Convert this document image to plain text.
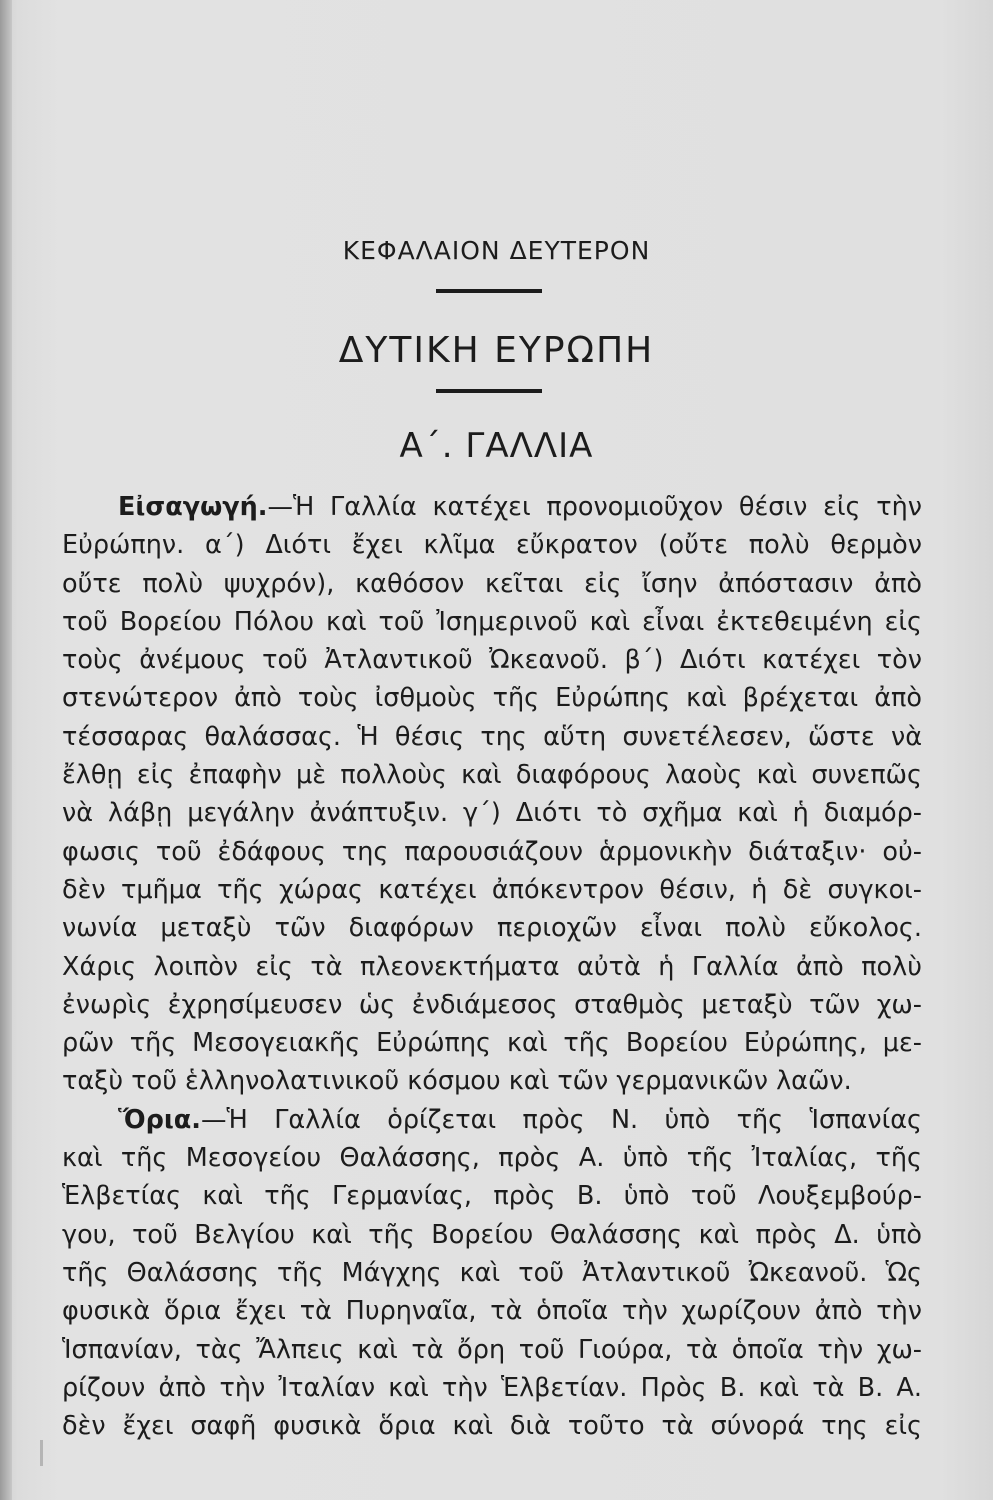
ΚΕΦΑΛΑΙΟΝ ΔΕΥΤΕΡΟΝ
ΔΥΤΙΚΗ ΕΥΡΩΠΗ
Α΄. ΓΑΛΛΙΑ
Εἰσαγωγή.—Ἡ Γαλλία κατέχει προνομιοῦχον θέσιν εἰς τὴν
Εὐρώπην. α΄) Διότι ἔχει κλῖμα εὔκρατον (οὔτε πολὺ θερμὸν
οὔτε πολὺ ψυχρόν), καθόσον κεῖται εἰς ἴσην ἀπόστασιν ἀπὸ
τοῦ Βορείου Πόλου καὶ τοῦ Ἰσημερινοῦ καὶ εἶναι ἐκτεθειμένη εἰς
τοὺς ἀνέμους τοῦ Ἀτλαντικοῦ Ὠκεανοῦ. β΄) Διότι κατέχει τὸν
στενώτερον ἀπὸ τοὺς ἰσθμοὺς τῆς Εὐρώπης καὶ βρέχεται ἀπὸ
τέσσαρας θαλάσσας. Ἡ θέσις της αὕτη συνετέλεσεν, ὥστε νὰ
ἔλθῃ εἰς ἐπαφὴν μὲ πολλοὺς καὶ διαφόρους λαοὺς καὶ συνεπῶς
νὰ λάβῃ μεγάλην ἀνάπτυξιν. γ΄) Διότι τὸ σχῆμα καὶ ἡ διαμόρ-
φωσις τοῦ ἐδάφους της παρουσιάζουν ἁρμονικὴν διάταξιν· οὐ-
δὲν τμῆμα τῆς χώρας κατέχει ἀπόκεντρον θέσιν, ἡ δὲ συγκοι-
νωνία μεταξὺ τῶν διαφόρων περιοχῶν εἶναι πολὺ εὔκολος.
Χάρις λοιπὸν εἰς τὰ πλεονεκτήματα αὐτὰ ἡ Γαλλία ἀπὸ πολὺ
ἐνωρὶς ἐχρησίμευσεν ὡς ἐνδιάμεσος σταθμὸς μεταξὺ τῶν χω-
ρῶν τῆς Μεσογειακῆς Εὐρώπης καὶ τῆς Βορείου Εὐρώπης, με-
ταξὺ τοῦ ἑλληνολατινικοῦ κόσμου καὶ τῶν γερμανικῶν λαῶν.
Ὅρια.—Ἡ Γαλλία ὁρίζεται πρὸς Ν. ὑπὸ τῆς Ἱσπανίας
καὶ τῆς Μεσογείου Θαλάσσης, πρὸς Α. ὑπὸ τῆς Ἰταλίας, τῆς
Ἑλβετίας καὶ τῆς Γερμανίας, πρὸς Β. ὑπὸ τοῦ Λουξεμβούρ-
γου, τοῦ Βελγίου καὶ τῆς Βορείου Θαλάσσης καὶ πρὸς Δ. ὑπὸ
τῆς Θαλάσσης τῆς Μάγχης καὶ τοῦ Ἀτλαντικοῦ Ὠκεανοῦ. Ὡς
φυσικὰ ὅρια ἔχει τὰ Πυρηναῖα, τὰ ὁποῖα τὴν χωρίζουν ἀπὸ τὴν
Ἱσπανίαν, τὰς Ἄλπεις καὶ τὰ ὄρη τοῦ Γιούρα, τὰ ὁποῖα τὴν χω-
ρίζουν ἀπὸ τὴν Ἰταλίαν καὶ τὴν Ἑλβετίαν. Πρὸς Β. καὶ τὰ Β. Α.
δὲν ἔχει σαφῆ φυσικὰ ὅρια καὶ διὰ τοῦτο τὰ σύνορά της εἰς
